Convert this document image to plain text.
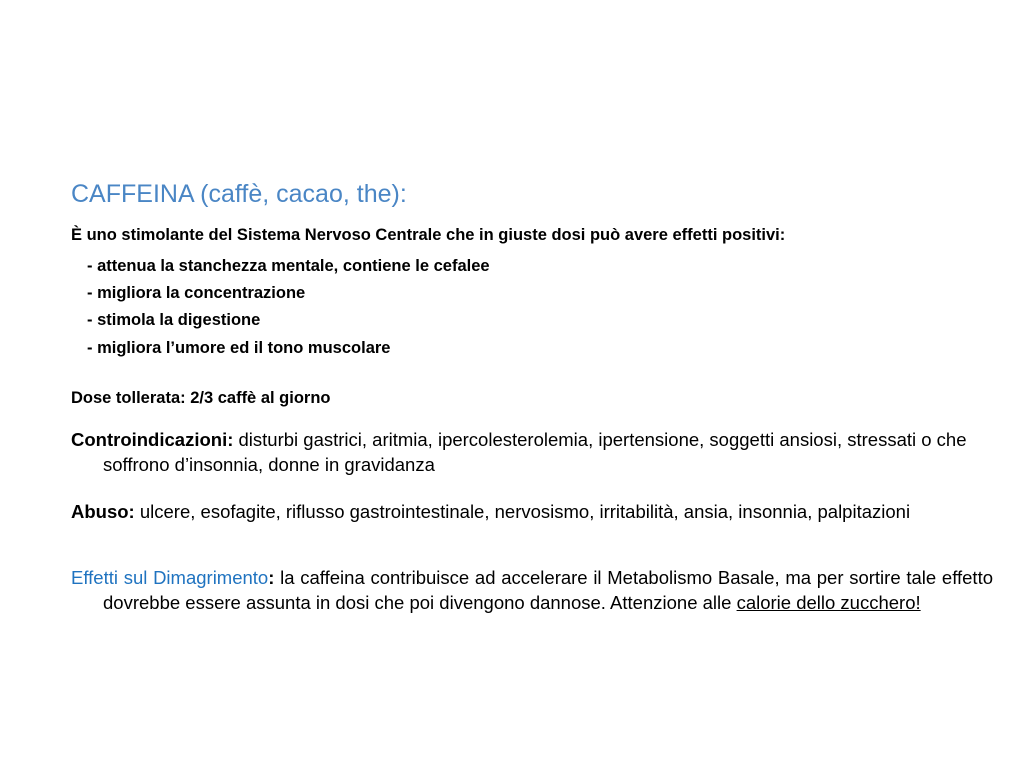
CAFFEINA (caffè, cacao, the):
È uno stimolante del Sistema Nervoso Centrale che in giuste dosi può avere effetti positivi:
- attenua la stanchezza mentale, contiene le cefalee
- migliora la concentrazione
- stimola la digestione
- migliora l’umore ed il tono muscolare
Dose tollerata: 2/3 caffè al giorno
Controindicazioni: disturbi gastrici, aritmia, ipercolesterolemia, ipertensione, soggetti ansiosi, stressati o che soffrono d’insonnia, donne in gravidanza
Abuso: ulcere, esofagite, riflusso gastrointestinale, nervosismo, irritabilità, ansia, insonnia, palpitazioni
Effetti sul Dimagrimento: la caffeina contribuisce ad accelerare il Metabolismo Basale, ma per sortire tale effetto dovrebbe essere assunta in dosi che poi divengono dannose. Attenzione alle calorie dello zucchero!
